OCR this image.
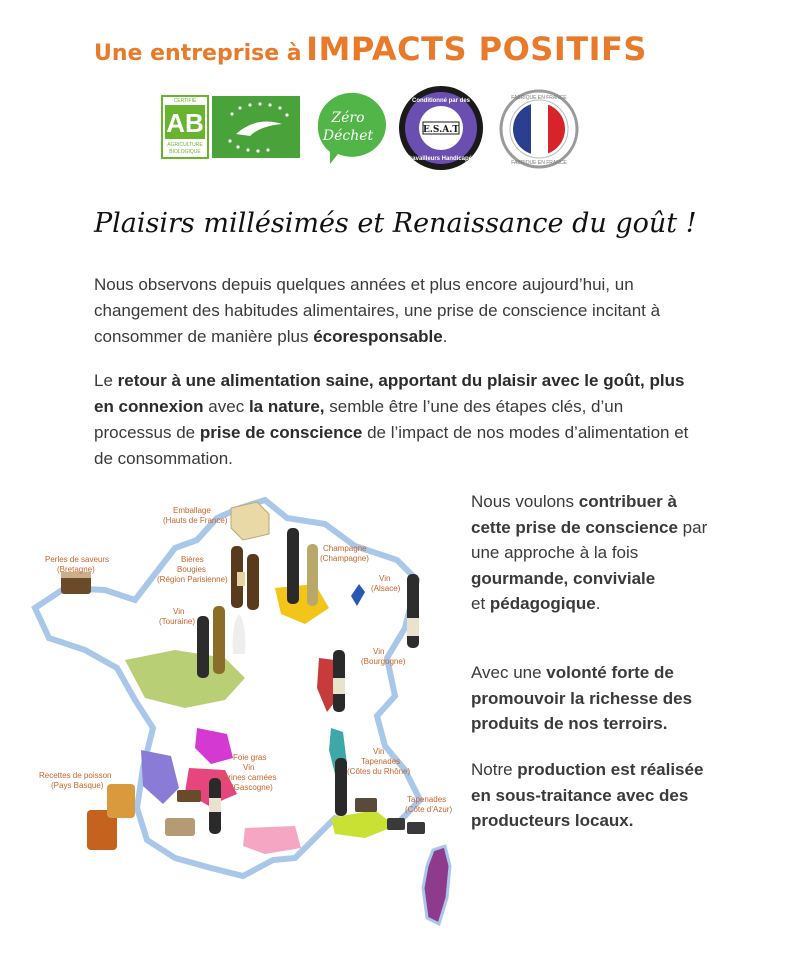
Une entreprise à IMPACTS POSITIFS
CERTIFIÉ
AB
AGRICULTURE
BIOLOGIQUE
Zéro
Déchet	E.S.A.T
Conditionné par des
Travailleurs Handicapés
FABRIQUE EN FRANCE
FABRIQUE EN FRANCE
Plaisirs millésimés et Renaissance du goût !

Nous observons depuis quelques années et plus encore aujourd’hui, un changement des habitudes alimentaires, une prise de conscience incitant à consommer de manière plus écoresponsable.

Le retour à une alimentation saine, apportant du plaisir avec le goût, plus en connexion avec la nature, semble être l’une des étapes clés, d’un processus de prise de conscience de l’impact de nos modes d’alimentation et de consommation.

Emballage
(Hauts de France)
Perles de saveurs
(Bretagne)
Bières
Bougies
(Région Parisienne)
Champagne
(Champagne)
Vin
(Alsace)
Vin
(Touraine)
Vin
(Bourgogne)
Foie gras
Vin
terrines carnées
(Gascogne)
Recettes de poisson
(Pays Basque)
Vin
Tapenades
(Côtes du Rhône)
Tapenades
(Côte d’Azur)

Nous voulons contribuer à cette prise de conscience par une approche à la fois gourmande, conviviale
et pédagogique.

Avec une volonté forte de promouvoir la richesse des produits de nos terroirs.

Notre production est réalisée en sous-traitance avec des producteurs locaux.
